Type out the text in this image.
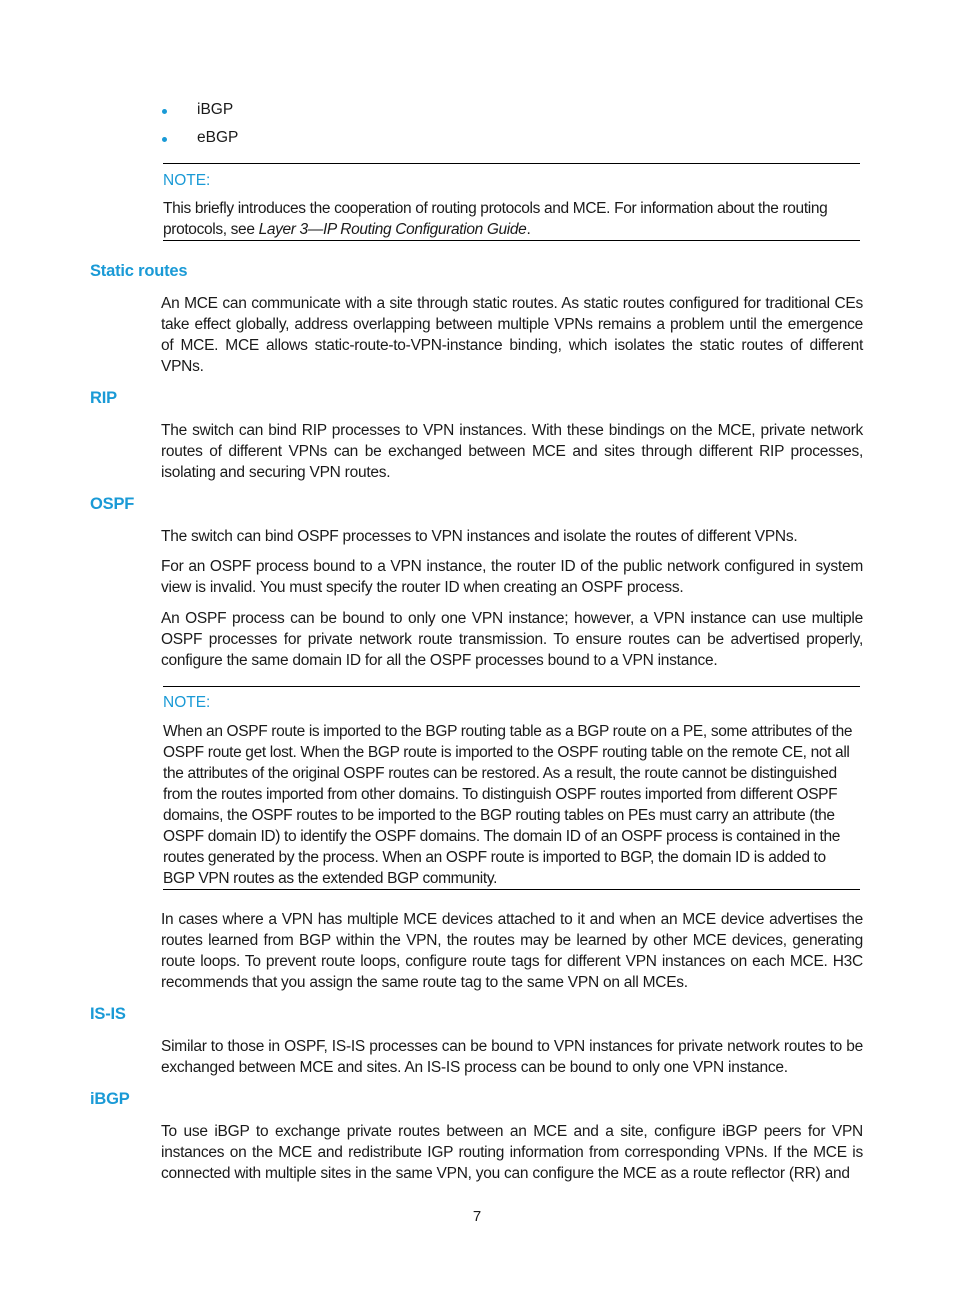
iBGP
eBGP
NOTE:
This briefly introduces the cooperation of routing protocols and MCE. For information about the routing protocols, see Layer 3—IP Routing Configuration Guide.
Static routes
An MCE can communicate with a site through static routes. As static routes configured for traditional CEs take effect globally, address overlapping between multiple VPNs remains a problem until the emergence of MCE. MCE allows static-route-to-VPN-instance binding, which isolates the static routes of different VPNs.
RIP
The switch can bind RIP processes to VPN instances. With these bindings on the MCE, private network routes of different VPNs can be exchanged between MCE and sites through different RIP processes, isolating and securing VPN routes.
OSPF
The switch can bind OSPF processes to VPN instances and isolate the routes of different VPNs.
For an OSPF process bound to a VPN instance, the router ID of the public network configured in system view is invalid. You must specify the router ID when creating an OSPF process.
An OSPF process can be bound to only one VPN instance; however, a VPN instance can use multiple OSPF processes for private network route transmission. To ensure routes can be advertised properly, configure the same domain ID for all the OSPF processes bound to a VPN instance.
NOTE:
When an OSPF route is imported to the BGP routing table as a BGP route on a PE, some attributes of the OSPF route get lost. When the BGP route is imported to the OSPF routing table on the remote CE, not all the attributes of the original OSPF routes can be restored. As a result, the route cannot be distinguished from the routes imported from other domains. To distinguish OSPF routes imported from different OSPF domains, the OSPF routes to be imported to the BGP routing tables on PEs must carry an attribute (the OSPF domain ID) to identify the OSPF domains. The domain ID of an OSPF process is contained in the routes generated by the process. When an OSPF route is imported to BGP, the domain ID is added to BGP VPN routes as the extended BGP community.
In cases where a VPN has multiple MCE devices attached to it and when an MCE device advertises the routes learned from BGP within the VPN, the routes may be learned by other MCE devices, generating route loops. To prevent route loops, configure route tags for different VPN instances on each MCE. H3C recommends that you assign the same route tag to the same VPN on all MCEs.
IS-IS
Similar to those in OSPF, IS-IS processes can be bound to VPN instances for private network routes to be exchanged between MCE and sites. An IS-IS process can be bound to only one VPN instance.
iBGP
To use iBGP to exchange private routes between an MCE and a site, configure iBGP peers for VPN instances on the MCE and redistribute IGP routing information from corresponding VPNs. If the MCE is connected with multiple sites in the same VPN, you can configure the MCE as a route reflector (RR) and
7
